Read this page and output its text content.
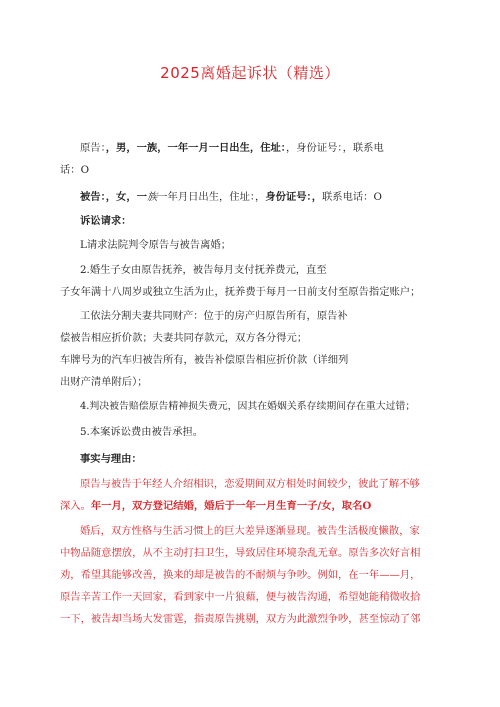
2025离婚起诉状（精选）
原告：，男，一族，一年一月一日出生，住址：，身份证号：，联系电
话：O
被告：，女，一族一年月日出生，住址：，身份证号：，联系电话：O
诉讼请求：
L请求法院判令原告与被告离婚；
2.婚生子女由原告抚养，被告每月支付抚养费元，直至
子女年满十八周岁或独立生活为止，抚养费于每月一日前支付至原告指定账户；
工依法分割夫妻共同财产：位于的房产归原告所有，原告补
偿被告相应折价款；夫妻共同存款元，双方各分得元；
车牌号为的汽车归被告所有，被告补偿原告相应折价款（详细列
出财产清单附后）；
4.判决被告赔偿原告精神损失费元，因其在婚姻关系存续期间存在重大过错；
5.本案诉讼费由被告承担。
事实与理由：
原告与被告于年经人介绍相识，恋爱期间双方相处时间较少，彼此了解不够
深入。年一月，双方登记结婚，婚后于一年一月生育一子/女，取名O
婚后，双方性格与生活习惯上的巨大差异逐渐显现。被告生活极度懒散，家
中物品随意摆放，从不主动打扫卫生，导致居住环境杂乱无章。原告多次好言相
劝，希望其能够改善，换来的却是被告的不耐烦与争吵。例如，在一年——月，
原告辛苦工作一天回家，看到家中一片狼藉，便与被告沟通，希望她能稍微收拾
一下，被告却当场大发雷霆，指责原告挑剔，双方为此激烈争吵，甚至惊动了邻
